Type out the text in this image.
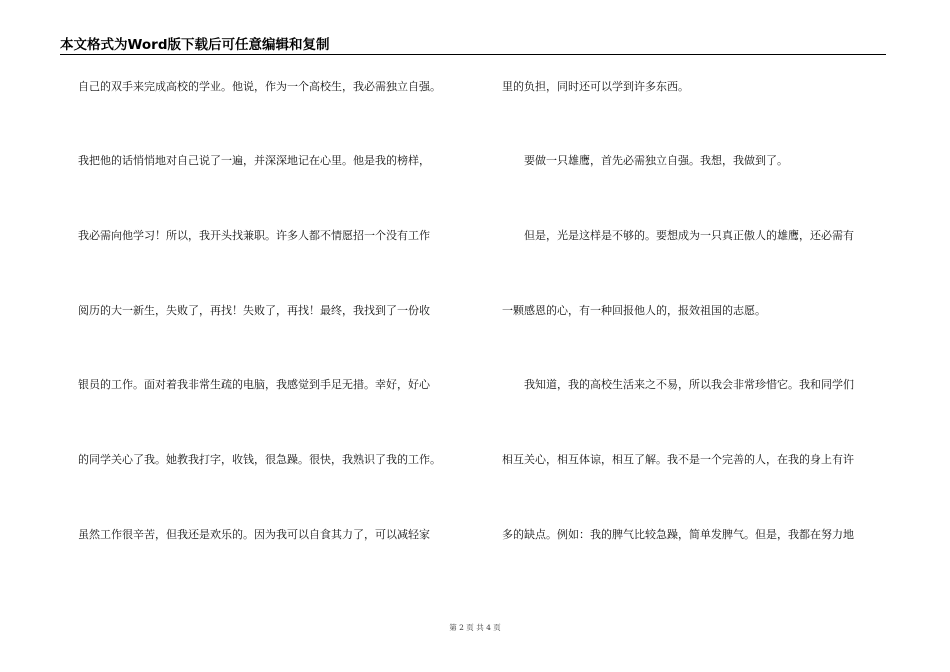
本文格式为Word版下载后可任意编辑和复制
自己的双手来完成高校的学业。他说，作为一个高校生，我必需独立自强。
我把他的话悄悄地对自己说了一遍，并深深地记在心里。他是我的榜样，
我必需向他学习！所以，我开头找兼职。许多人都不情愿招一个没有工作
阅历的大一新生，失败了，再找！失败了，再找！最终，我找到了一份收
银员的工作。面对着我非常生疏的电脑，我感觉到手足无措。幸好，好心
的同学关心了我。她教我打字，收钱，很急躁。很快，我熟识了我的工作。
虽然工作很辛苦，但我还是欢乐的。因为我可以自食其力了，可以减轻家
里的负担，同时还可以学到许多东西。
要做一只雄鹰，首先必需独立自强。我想，我做到了。
但是，光是这样是不够的。要想成为一只真正傲人的雄鹰，还必需有
一颗感恩的心，有一种回报他人的，报效祖国的志愿。
我知道，我的高校生活来之不易，所以我会非常珍惜它。我和同学们
相互关心，相互体谅，相互了解。我不是一个完善的人，在我的身上有许
多的缺点。例如：我的脾气比较急躁，简单发脾气。但是，我都在努力地
第 2 页 共 4 页
